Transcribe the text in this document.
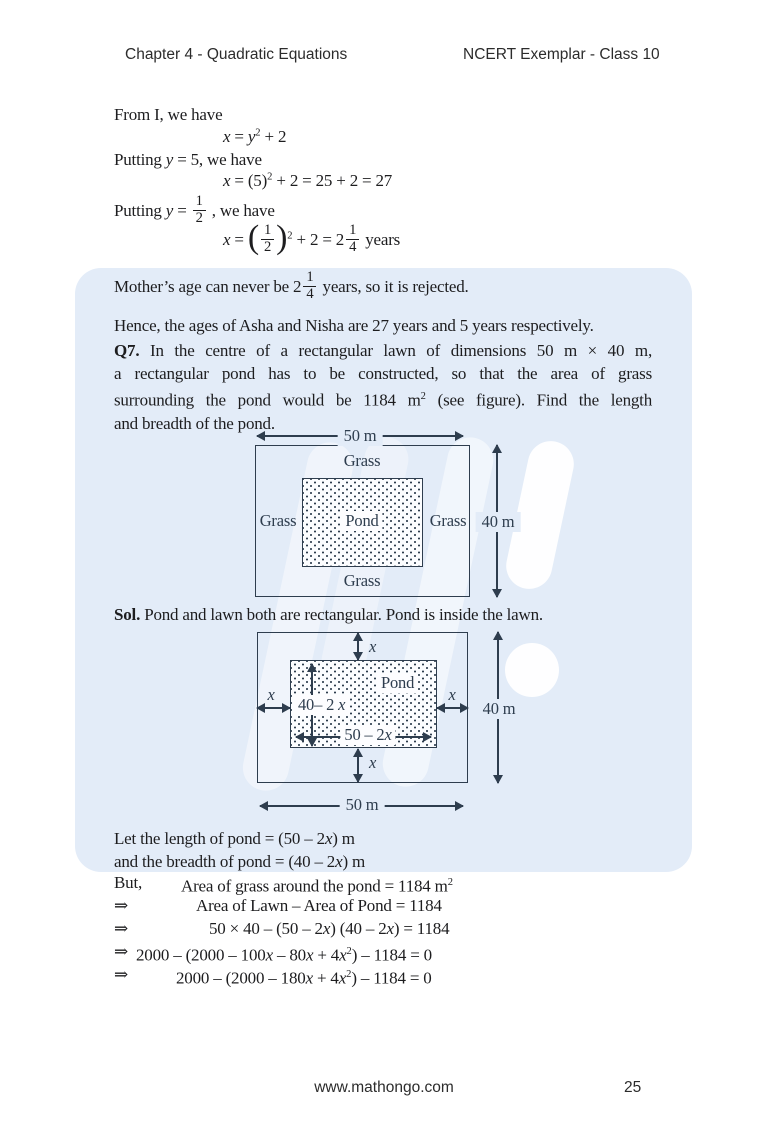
Chapter 4 - Quadratic Equations	NCERT Exemplar - Class 10
From I, we have
$x = y^2 + 2$
Putting y = 5, we have
$x = (5)^2 + 2 = 25 + 2 = 27$
Putting $y = \frac{1}{2}$ , we have
x = ( $\frac{1}{2} )^2 + 2 = 2 \frac{1}{4}$ years
Mother’s age can never be $2 \frac{1}{4}$ years, so it is rejected.
Hence, the ages of Asha and Nisha are 27 years and 5 years respectively.
Q7. In the centre of a rectangular lawn of dimensions 50 m × 40 m,
a rectangular pond has to be constructed, so that the area of grass
surrounding the pond would be 1184 $m^2$ (see figure). Find the length
and breadth of the pond.
50 m
Grass
Pond
Grass	Grass
Grass
40 m
Sol. Pond and lawn both are rectangular. Pond is inside the lawn.
x
x
x	x
40– 2 x
50 – 2x
Pond
40 m
50 m
Let the length of pond = (50 – 2x) m
and the breadth of pond = (40 – 2x) m
But, Area of grass around the pond = 1184 $m^2$
⇒	Area of Lawn – Area of Pond = 1184
⇒	50 × 40 – (50 – 2x) (40 – 2x) = 1184
⇒ $2000 - (2000 - 100x - 80x + 4x^2) - 1184 = 0$
⇒	$2000 - (2000 - 180x + 4x^2) - 1184 = 0$
www.mathongo.com	25
